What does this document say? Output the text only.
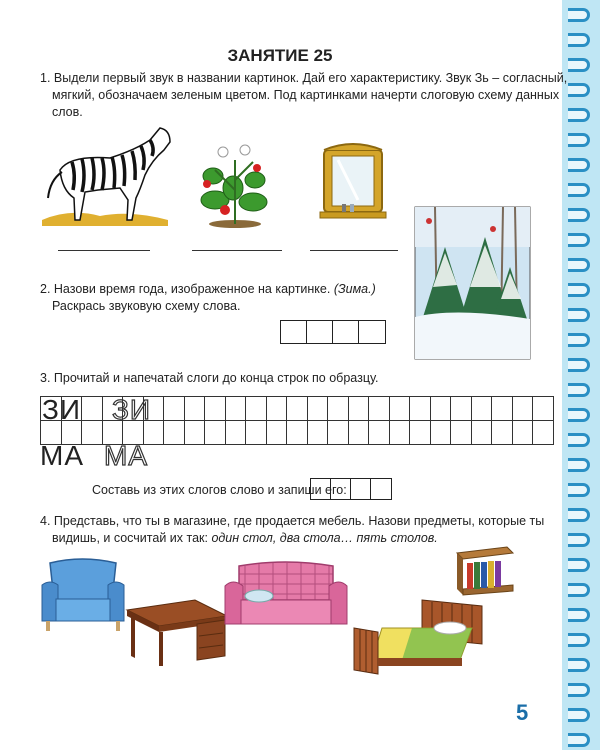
ЗАНЯТИЕ 25
1. Выдели первый звук в названии картинок. Дай его характеристику. Звук Зь – согласный,
мягкий, обозначаем зеленым цветом. Под картинками начерти слоговую схему данных
слов.
2. Назови время года, изображенное на картинке. (Зима.)
Раскрась звуковую схему слова.
3. Прочитай и напечатай слоги до конца строк по образцу.

ЗИ ЗИ
МА МА
Составь из этих слогов слово и запиши его:
4. Представь, что ты в магазине, где продается мебель. Назови предметы, которые ты
видишь, и сосчитай их так: один стол, два стола… пять столов.
5
